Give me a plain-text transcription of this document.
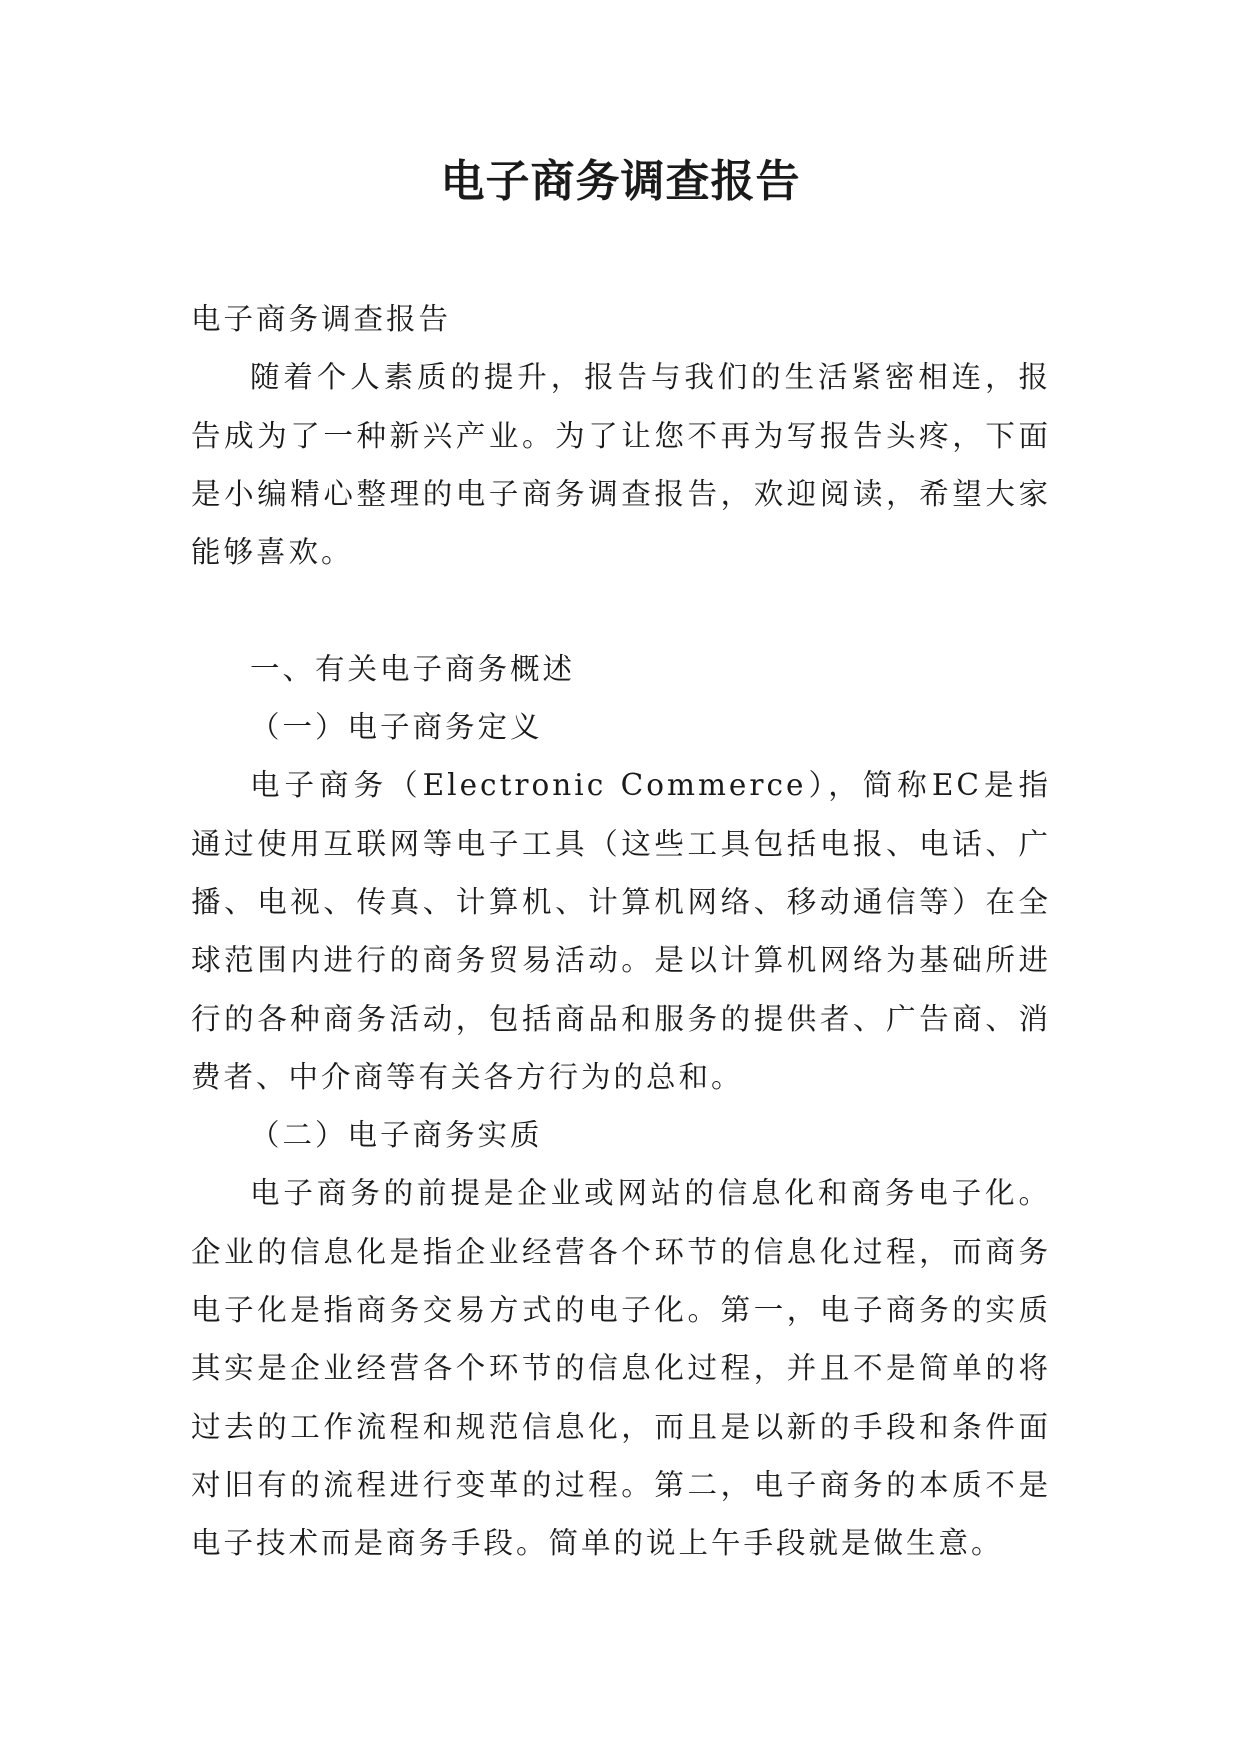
电子商务调查报告

电子商务调查报告

随着个人素质的提升，报告与我们的生活紧密相连，报告成为了一种新兴产业。为了让您不再为写报告头疼，下面是小编精心整理的电子商务调查报告，欢迎阅读，希望大家能够喜欢。

一、有关电子商务概述

（一）电子商务定义

电子商务（Electronic Commerce），简称EC是指通过使用互联网等电子工具（这些工具包括电报、电话、广播、电视、传真、计算机、计算机网络、移动通信等）在全球范围内进行的商务贸易活动。是以计算机网络为基础所进行的各种商务活动，包括商品和服务的提供者、广告商、消费者、中介商等有关各方行为的总和。

（二）电子商务实质

电子商务的前提是企业或网站的信息化和商务电子化。企业的信息化是指企业经营各个环节的信息化过程，而商务电子化是指商务交易方式的电子化。第一，电子商务的实质其实是企业经营各个环节的信息化过程，并且不是简单的将过去的工作流程和规范信息化，而且是以新的手段和条件面对旧有的流程进行变革的过程。第二，电子商务的本质不是电子技术而是商务手段。简单的说上午手段就是做生意。
